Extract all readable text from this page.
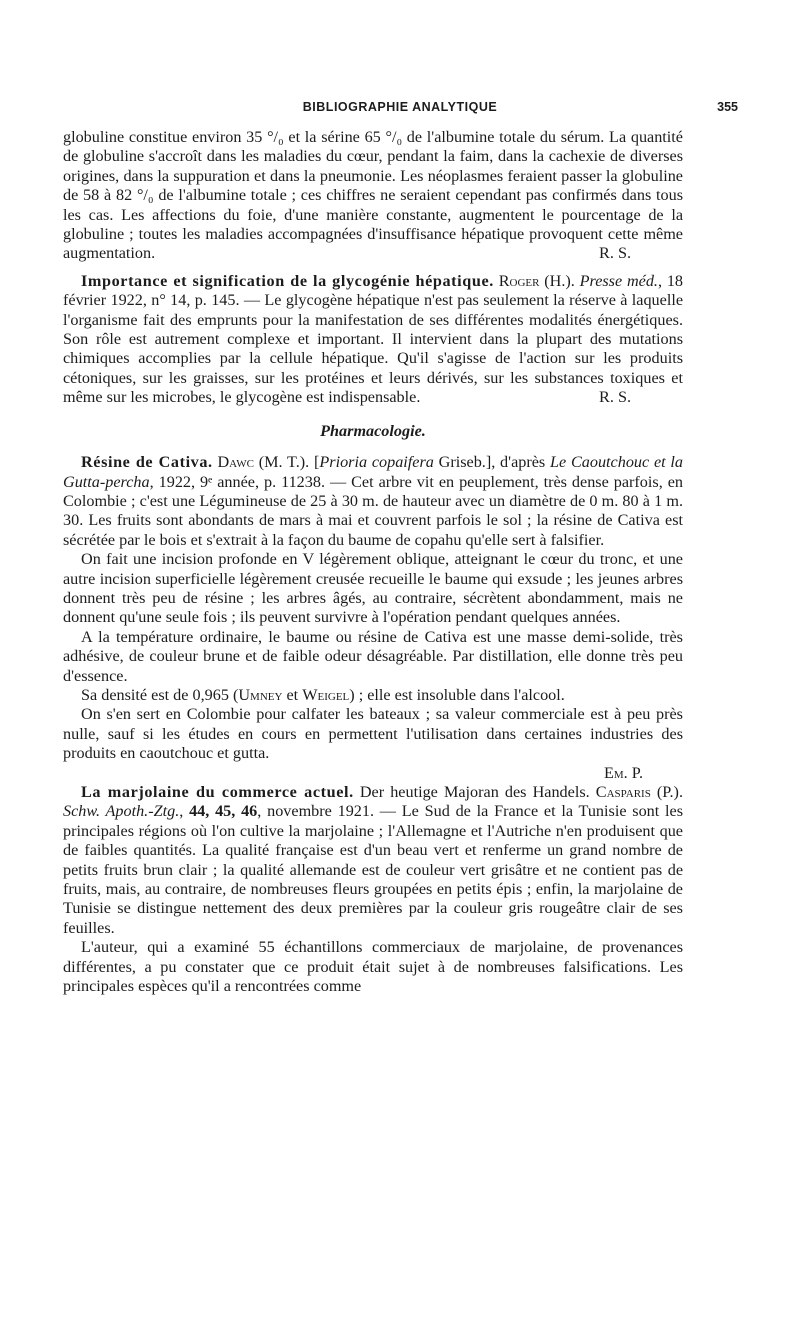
BIBLIOGRAPHIE ANALYTIQUE	355

globuline constitue environ 35 °/₀ et la sérine 65 °/₀ de l'albumine totale du sérum. La quantité de globuline s'accroît dans les maladies du cœur, pendant la faim, dans la cachexie de diverses origines, dans la suppuration et dans la pneumonie. Les néoplasmes feraient passer la globuline de 58 à 82 °/₀ de l'albumine totale ; ces chiffres ne seraient cependant pas confirmés dans tous les cas. Les affections du foie, d'une manière constante, augmentent le pourcentage de la globuline ; toutes les maladies accompagnées d'insuffisance hépatique provoquent cette même augmentation.	R. S.

Importance et signification de la glycogénie hépatique. Roger (H.). Presse méd., 18 février 1922, n° 14, p. 145. — Le glycogène hépatique n'est pas seulement la réserve à laquelle l'organisme fait des emprunts pour la manifestation de ses différentes modalités énergétiques. Son rôle est autrement complexe et important. Il intervient dans la plupart des mutations chimiques accomplies par la cellule hépatique. Qu'il s'agisse de l'action sur les produits cétoniques, sur les graisses, sur les protéines et leurs dérivés, sur les substances toxiques et même sur les microbes, le glycogène est indispensable.	R. S.

Pharmacologie.

Résine de Cativa. Dawc (M. T.). [Prioria copaifera Griseb.], d'après Le Caoutchouc et la Gutta-percha, 1922, 9ᵉ année, p. 11238. — Cet arbre vit en peuplement, très dense parfois, en Colombie ; c'est une Légumineuse de 25 à 30 m. de hauteur avec un diamètre de 0 m. 80 à 1 m. 30. Les fruits sont abondants de mars à mai et couvrent parfois le sol ; la résine de Cativa est sécrétée par le bois et s'extrait à la façon du baume de copahu qu'elle sert à falsifier.

On fait une incision profonde en V légèrement oblique, atteignant le cœur du tronc, et une autre incision superficielle légèrement creusée recueille le baume qui exsude ; les jeunes arbres donnent très peu de résine ; les arbres âgés, au contraire, sécrètent abondamment, mais ne donnent qu'une seule fois ; ils peuvent survivre à l'opération pendant quelques années.

A la température ordinaire, le baume ou résine de Cativa est une masse demi-solide, très adhésive, de couleur brune et de faible odeur désagréable. Par distillation, elle donne très peu d'essence.

Sa densité est de 0,965 (Umney et Weigel) ; elle est insoluble dans l'alcool.

On s'en sert en Colombie pour calfater les bateaux ; sa valeur commerciale est à peu près nulle, sauf si les études en cours en permettent l'utilisation dans certaines industries des produits en caoutchouc et gutta.

Em. P.

La marjolaine du commerce actuel. Der heutige Majoran des Handels. Casparis (P.). Schw. Apoth.-Ztg., 44, 45, 46, novembre 1921. — Le Sud de la France et la Tunisie sont les principales régions où l'on cultive la marjolaine ; l'Allemagne et l'Autriche n'en produisent que de faibles quantités. La qualité française est d'un beau vert et renferme un grand nombre de petits fruits brun clair ; la qualité allemande est de couleur vert grisâtre et ne contient pas de fruits, mais, au contraire, de nombreuses fleurs groupées en petits épis ; enfin, la marjolaine de Tunisie se distingue nettement des deux premières par la couleur gris rougeâtre clair de ses feuilles.

L'auteur, qui a examiné 55 échantillons commerciaux de marjolaine, de provenances différentes, a pu constater que ce produit était sujet à de nombreuses falsifications. Les principales espèces qu'il a rencontrées comme
